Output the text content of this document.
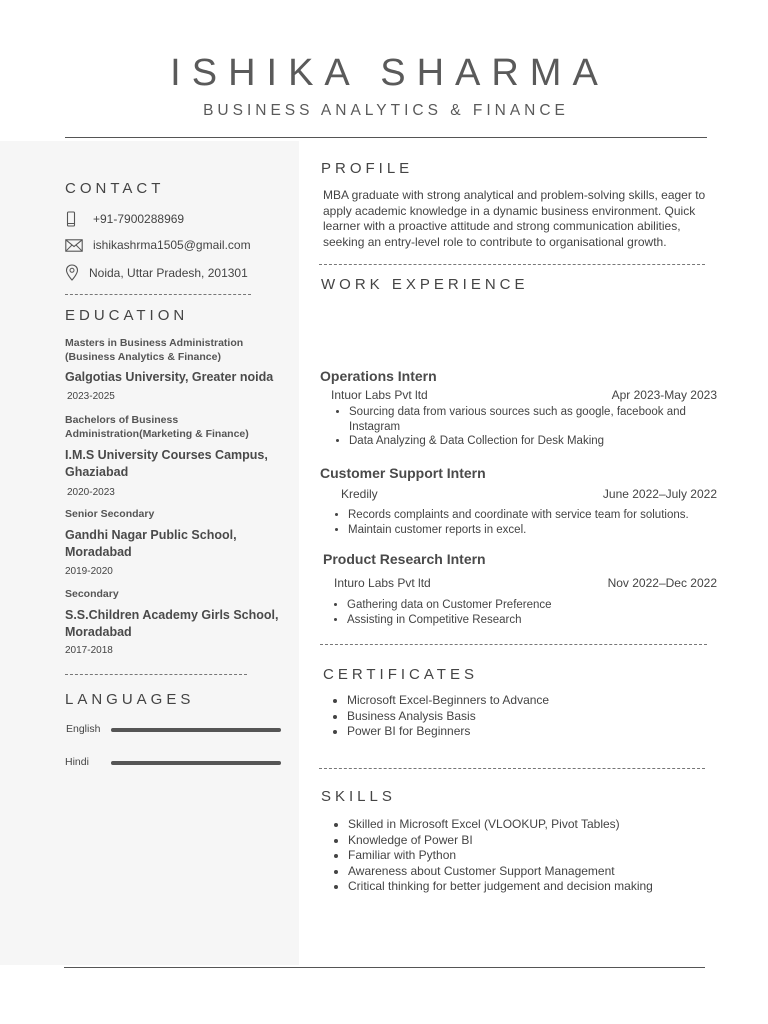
ISHIKA SHARMA
BUSINESS ANALYTICS & FINANCE
CONTACT
+91-7900288969
ishikashrma1505@gmail.com
Noida, Uttar Pradesh, 201301
EDUCATION
Masters in Business Administration (Business Analytics & Finance)
Galgotias University, Greater noida
2023-2025
Bachelors of Business Administration(Marketing & Finance)
I.M.S University Courses Campus, Ghaziabad
2020-2023
Senior Secondary
Gandhi Nagar Public School, Moradabad
2019-2020
Secondary
S.S.Children Academy Girls School, Moradabad
2017-2018
LANGUAGES
English
Hindi
PROFILE
MBA graduate with strong analytical and problem-solving skills, eager to apply academic knowledge in a dynamic business environment. Quick learner with a proactive attitude and strong communication abilities, seeking an entry-level role to contribute to organisational growth.
WORK EXPERIENCE
Operations Intern
Intuor Labs Pvt ltd	Apr 2023-May 2023
• Sourcing data from various sources such as google, facebook and Instagram
• Data Analyzing & Data Collection for Desk Making
Customer Support Intern
Kredily	June 2022–July 2022
• Records complaints and coordinate with service team for solutions.
• Maintain customer reports in excel.
Product Research Intern
Inturo Labs Pvt ltd	Nov 2022–Dec 2022
• Gathering data on Customer Preference
• Assisting in Competitive Research
CERTIFICATES
• Microsoft Excel-Beginners to Advance
• Business Analysis Basis
• Power BI for Beginners
SKILLS
• Skilled in Microsoft Excel (VLOOKUP, Pivot Tables)
• Knowledge of Power BI
• Familiar with Python
• Awareness about Customer Support Management
• Critical thinking for better judgement and decision making
